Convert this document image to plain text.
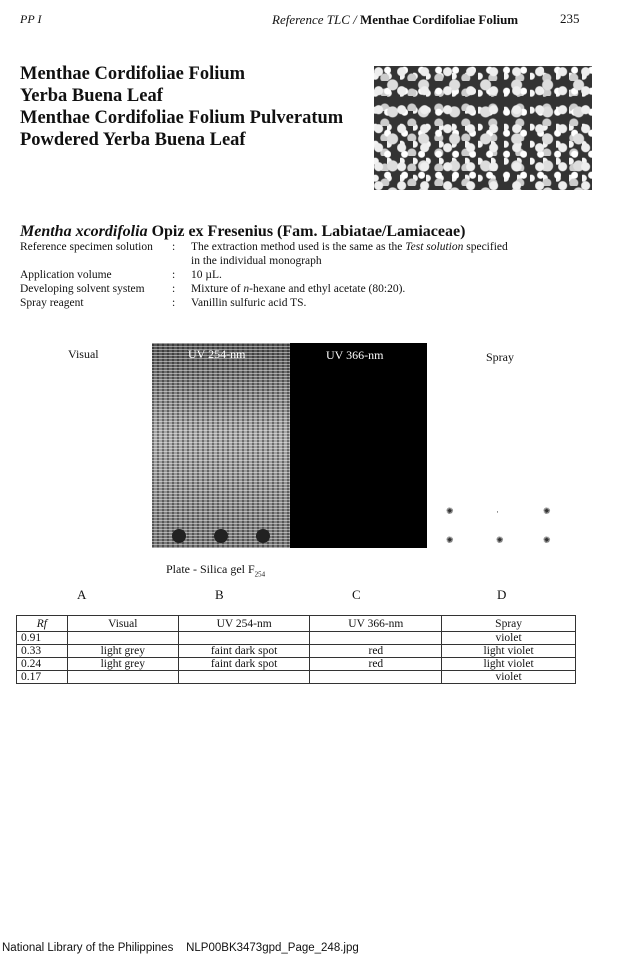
PP I	Reference TLC / Menthae Cordifoliae Folium	235
Menthae Cordifoliae Folium
Yerba Buena Leaf
Menthae Cordifoliae Folium Pulveratum
Powdered Yerba Buena Leaf
Mentha xcordifolia Opiz ex Fresenius (Fam. Labiatae/Lamiaceae)
Reference specimen solution	:	The extraction method used is the same as the Test solution specified
in the individual monograph
Application volume	:	10 µL.
Developing solvent system	:	Mixture of n-hexane and ethyl acetate (80:20).
Spray reagent	:	Vanillin sulfuric acid TS.
Visual	UV 254-nm	UV 366-nm	Spray
✺	·	✺
✺	✺	✺
Plate - Silica gel $F_{254}$
A	B	C	D
Rf	Visual	UV 254-nm	UV 366-nm	Spray
0.91				violet
0.33	light grey	faint dark spot	red	light violet
0.24	light grey	faint dark spot	red	light violet
0.17				violet
National Library of the Philippines NLP00BK3473gpd_Page_248.jpg
